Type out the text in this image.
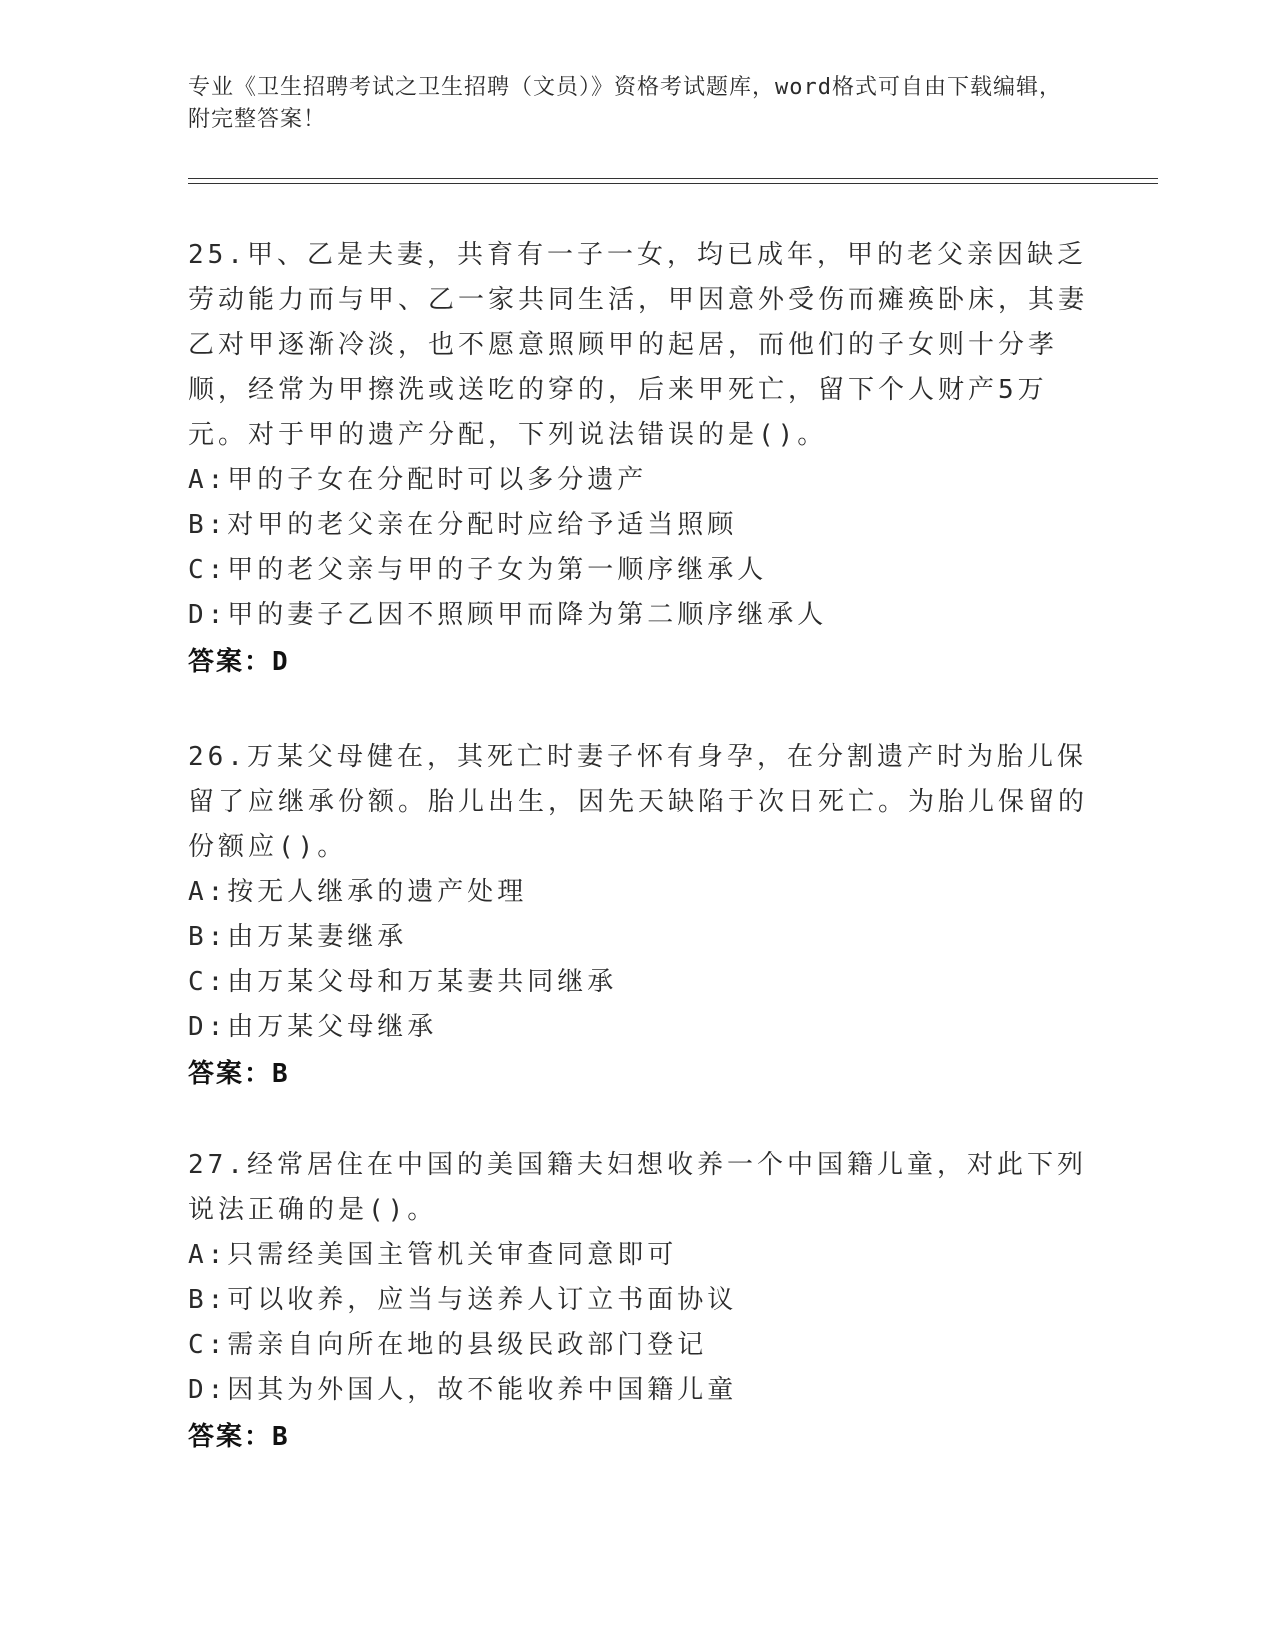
专业《卫生招聘考试之卫生招聘（文员）》资格考试题库，word格式可自由下载编辑，附完整答案！
25.甲、乙是夫妻，共育有一子一女，均已成年，甲的老父亲因缺乏劳动能力而与甲、乙一家共同生活，甲因意外受伤而瘫痪卧床，其妻乙对甲逐渐冷淡，也不愿意照顾甲的起居，而他们的子女则十分孝顺，经常为甲擦洗或送吃的穿的，后来甲死亡，留下个人财产5万元。对于甲的遗产分配，下列说法错误的是()。
A:甲的子女在分配时可以多分遗产
B:对甲的老父亲在分配时应给予适当照顾
C:甲的老父亲与甲的子女为第一顺序继承人
D:甲的妻子乙因不照顾甲而降为第二顺序继承人
答案：D
26.万某父母健在，其死亡时妻子怀有身孕，在分割遗产时为胎儿保留了应继承份额。胎儿出生，因先天缺陷于次日死亡。为胎儿保留的份额应()。
A:按无人继承的遗产处理
B:由万某妻继承
C:由万某父母和万某妻共同继承
D:由万某父母继承
答案：B
27.经常居住在中国的美国籍夫妇想收养一个中国籍儿童，对此下列说法正确的是()。
A:只需经美国主管机关审查同意即可
B:可以收养，应当与送养人订立书面协议
C:需亲自向所在地的县级民政部门登记
D:因其为外国人，故不能收养中国籍儿童
答案：B
